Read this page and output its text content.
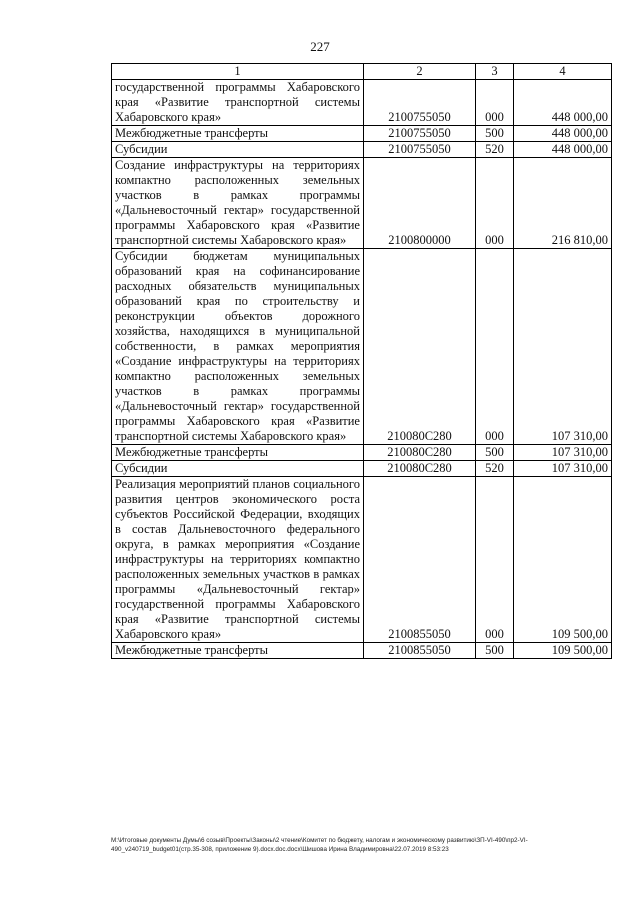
227
1	2	3	4
государственной программы Хабаровского края «Развитие транспортной системы Хабаровского края»	2100755050	000	448 000,00
Межбюджетные трансферты	2100755050	500	448 000,00
Субсидии	2100755050	520	448 000,00
Создание инфраструктуры на территориях компактно расположенных земельных участков в рамках программы «Дальневосточный гектар» государственной программы Хабаровского края «Развитие транспортной системы Хабаровского края»	2100800000	000	216 810,00
Субсидии бюджетам муниципальных образований края на софинансирование расходных обязательств муниципальных образований края по строительству и реконструкции объектов дорожного хозяйства, находящихся в муниципальной собственности, в рамках мероприятия «Создание инфраструктуры на территориях компактно расположенных земельных участков в рамках программы «Дальневосточный гектар» государственной программы Хабаровского края «Развитие транспортной системы Хабаровского края»	210080С280	000	107 310,00
Межбюджетные трансферты	210080С280	500	107 310,00
Субсидии	210080С280	520	107 310,00
Реализация мероприятий планов социального развития центров экономического роста субъектов Российской Федерации, входящих в состав Дальневосточного федерального округа, в рамках мероприятия «Создание инфраструктуры на территориях компактно расположенных земельных участков в рамках программы «Дальневосточный гектар» государственной программы Хабаровского края «Развитие транспортной системы Хабаровского края»	2100855050	000	109 500,00
Межбюджетные трансферты	2100855050	500	109 500,00
M:\Итоговые документы Думы\6 созыв\Проекты\Законы\2 чтение\Комитет по бюджету, налогам и экономическому развитию\ЗП-VI-490\пр2-VI-490_v240719_budget01(стр.35-308, приложение 9).docx.doc.docx\Шишова Ирина Владимировна\22.07.2019 8:53:23
